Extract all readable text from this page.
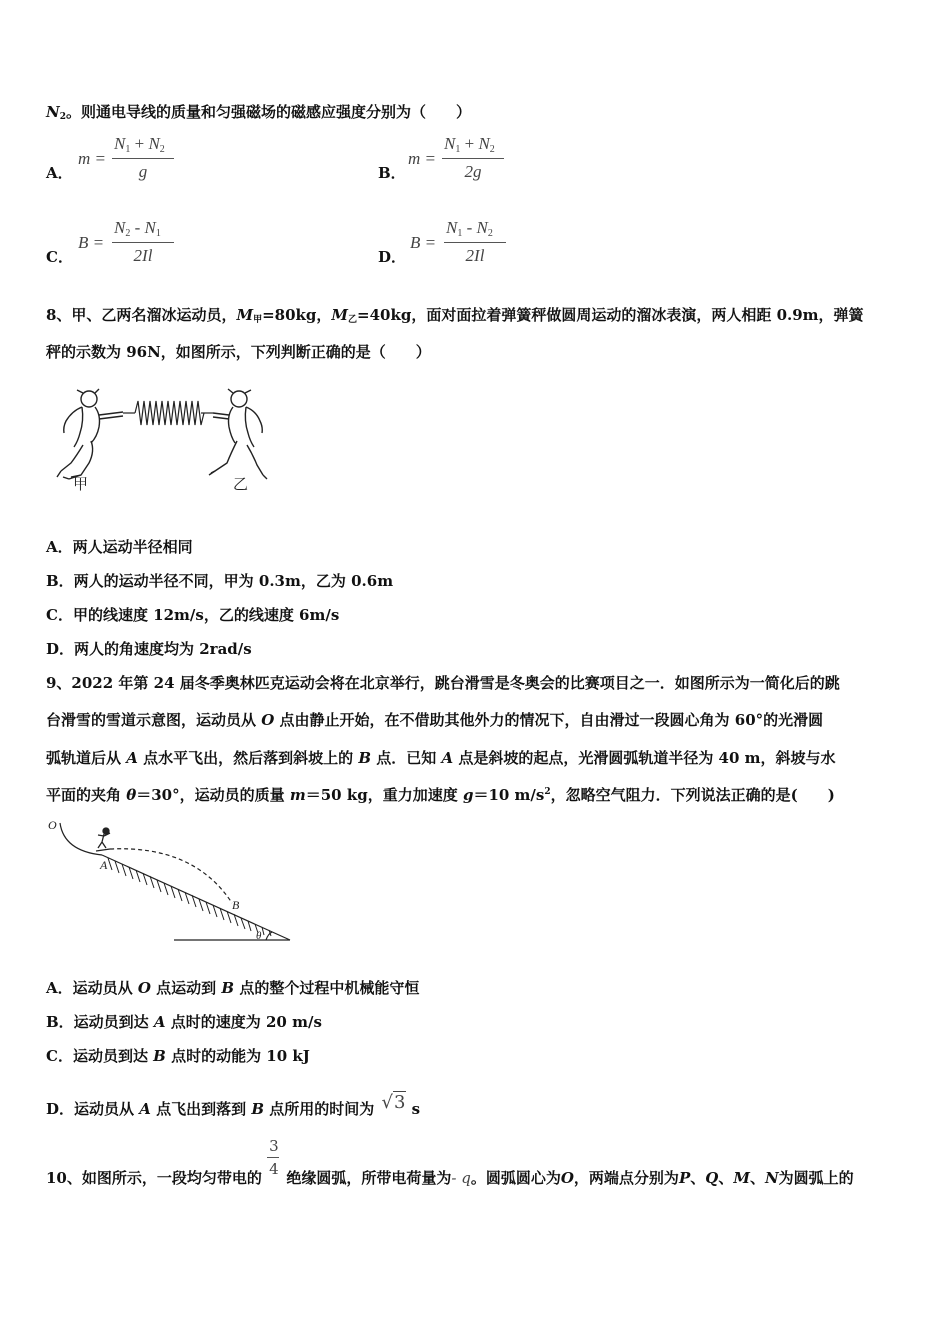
$N_2$。则通电导线的质量和匀强磁场的磁感应强度分别为（　　）
A．
m =
N1 + N2
g	B．
m =
N1 + N2
2g
C．
B =
N2 - N1
2Il	D．
B =
N1 - N2
2Il
8、甲、乙两名溜冰运动员，$M_甲=80kg$，$M_乙=40kg$，面对面拉着弹簧秤做圆周运动的溜冰表演，两人相距 0.9m，弹簧
秤的示数为 96N，如图所示，下列判断正确的是（　　）
甲	乙
A．两人运动半径相同
B．两人的运动半径不同，甲为 0.3m，乙为 0.6m
C．甲的线速度 12m/s，乙的线速度 6m/s
D．两人的角速度均为 2rad/s
9、2022 年第 24 届冬季奥林匹克运动会将在北京举行，跳台滑雪是冬奥会的比赛项目之一．如图所示为一简化后的跳
台滑雪的雪道示意图，运动员从 O 点由静止开始，在不借助其他外力的情况下，自由滑过一段圆心角为 60°的光滑圆
弧轨道后从 A 点水平飞出，然后落到斜坡上的 B 点．已知 A 点是斜坡的起点，光滑圆弧轨道半径为 40 m，斜坡与水
平面的夹角 θ＝30°，运动员的质量 m＝50 kg，重力加速度 g＝10 $m/s^2$，忽略空气阻力．下列说法正确的是(　　)
O
A
B
θ
A．运动员从 O 点运动到 B 点的整个过程中机械能守恒
B．运动员到达 A 点时的速度为 20 m/s
C．运动员到达 B 点时的动能为 10 kJ
D．运动员从 A 点飞出到落到 B 点所用的时间为 √3 s
10、如图所示，一段均匀带电的 $\frac{3}{4}$ 绝缘圆弧，所带电荷量为- q。圆弧圆心为O，两端点分别为P、Q、M、N为圆弧上的
